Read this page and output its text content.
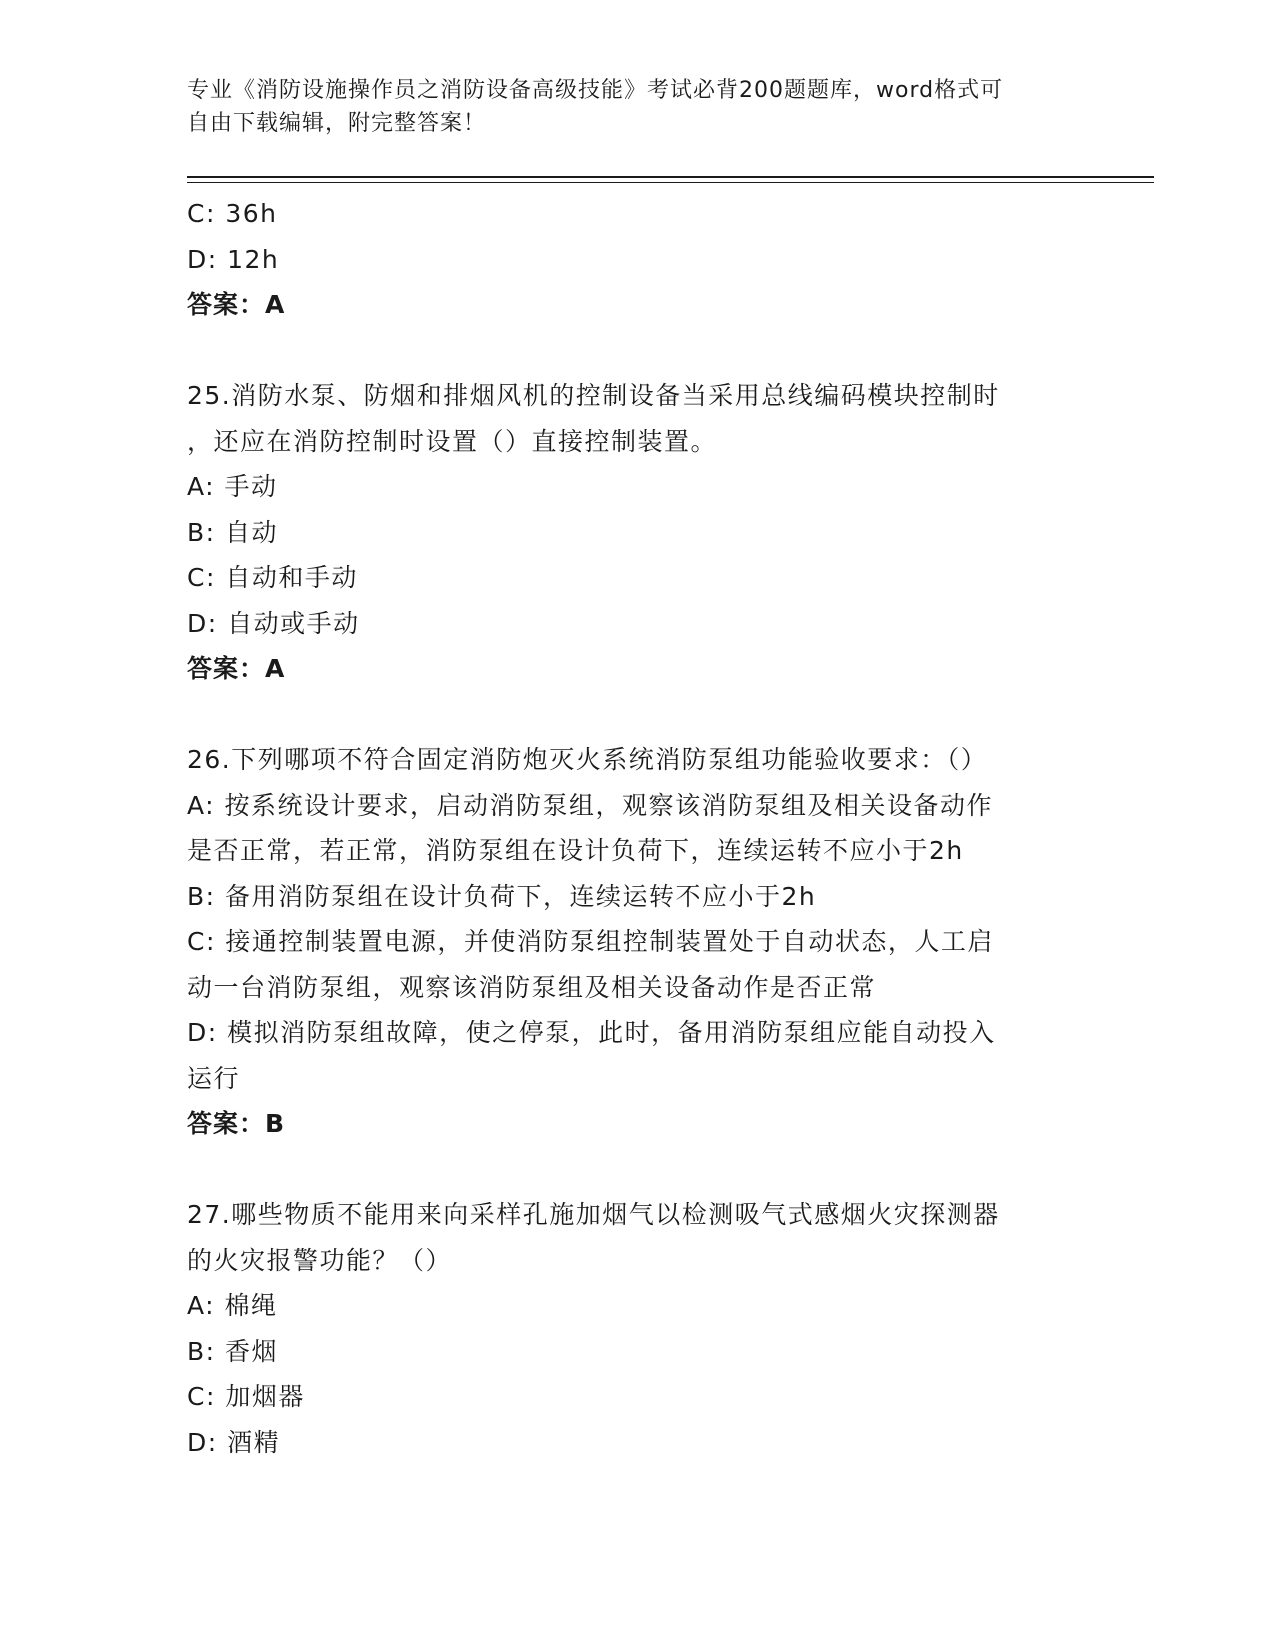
专业《消防设施操作员之消防设备高级技能》考试必背200题题库，word格式可
自由下载编辑，附完整答案！
C: 36h
D: 12h
答案：A
25.消防水泵、防烟和排烟风机的控制设备当采用总线编码模块控制时
，还应在消防控制时设置（）直接控制装置。
A: 手动
B: 自动
C: 自动和手动
D: 自动或手动
答案：A
26.下列哪项不符合固定消防炮灭火系统消防泵组功能验收要求：（）
A: 按系统设计要求，启动消防泵组，观察该消防泵组及相关设备动作
是否正常，若正常，消防泵组在设计负荷下，连续运转不应小于2h
B: 备用消防泵组在设计负荷下，连续运转不应小于2h
C: 接通控制装置电源，并使消防泵组控制装置处于自动状态，人工启
动一台消防泵组，观察该消防泵组及相关设备动作是否正常
D: 模拟消防泵组故障，使之停泵，此时，备用消防泵组应能自动投入
运行
答案：B
27.哪些物质不能用来向采样孔施加烟气以检测吸气式感烟火灾探测器
的火灾报警功能？（）
A: 棉绳
B: 香烟
C: 加烟器
D: 酒精
